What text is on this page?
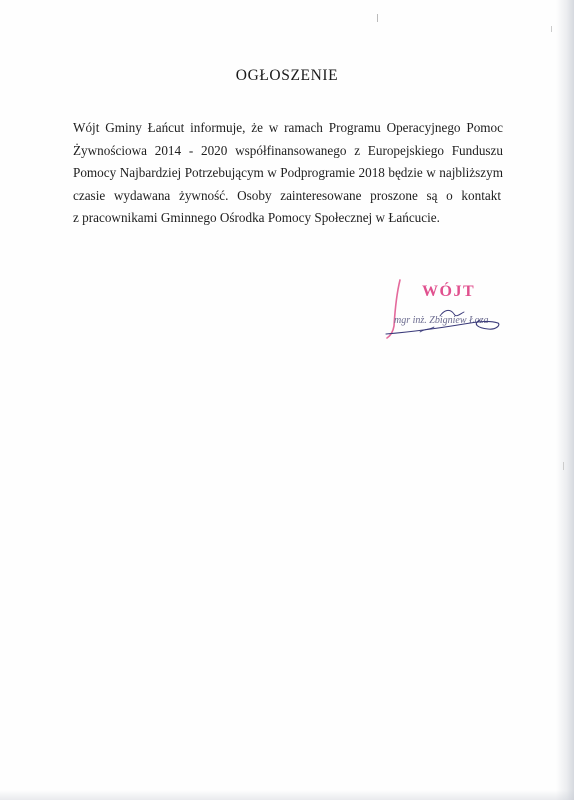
OGŁOSZENIE
Wójt Gminy Łańcut informuje, że w ramach Programu Operacyjnego Pomoc
Żywnościowa 2014 - 2020 współfinansowanego z Europejskiego Funduszu
Pomocy Najbardziej Potrzebującym w Podprogramie 2018 będzie w najbliższym
czasie wydawana żywność. Osoby zainteresowane proszone są o kontakt
z pracownikami Gminnego Ośrodka Pomocy Społecznej w Łańcucie.
WÓJT
mgr inż. Zbigniew Łoza
